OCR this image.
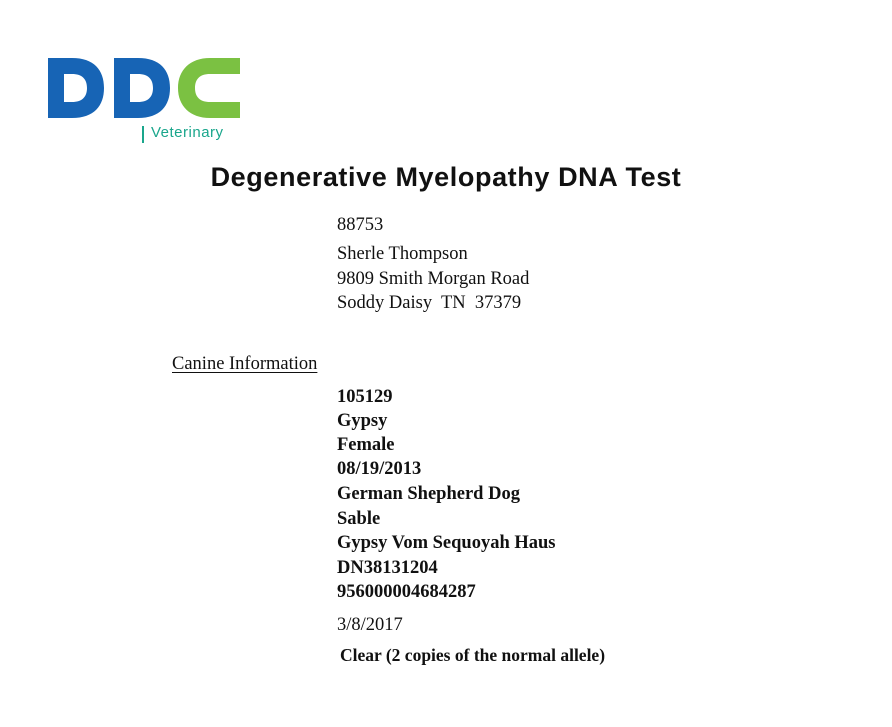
Veterinary
Degenerative Myelopathy DNA Test
88753
Sherle Thompson
9809 Smith Morgan Road
Soddy Daisy  TN  37379
Canine Information
105129
Gypsy
Female
08/19/2013
German Shepherd Dog
Sable
Gypsy Vom Sequoyah Haus
DN38131204
956000004684287
3/8/2017
Clear (2 copies of the normal allele)
